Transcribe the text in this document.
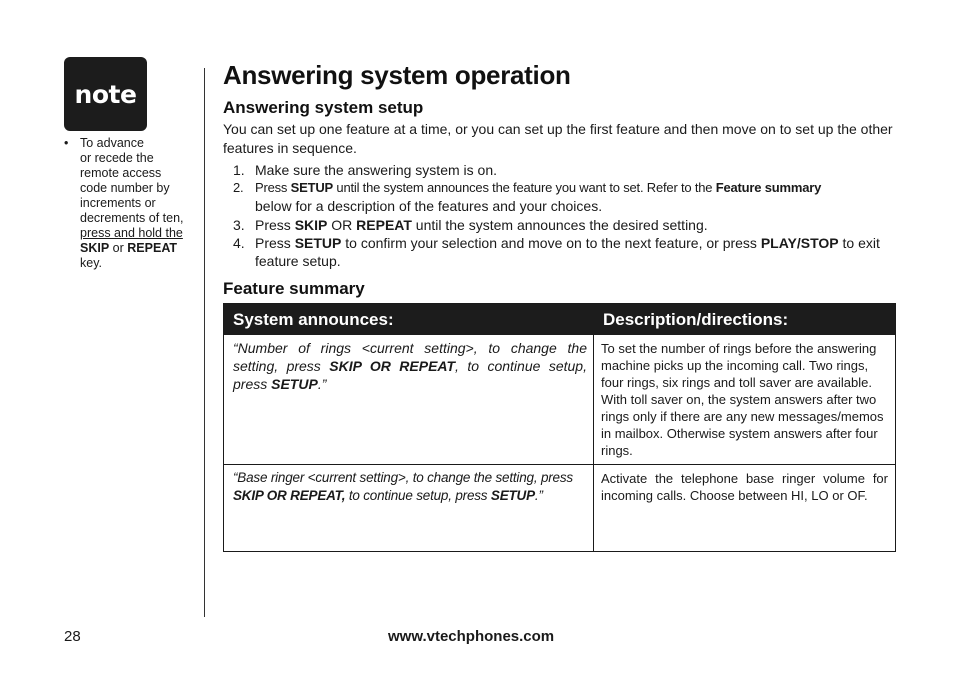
note
• To advance
or recede the
remote access
code number by
increments or
decrements of ten,
press and hold the
SKIP or REPEAT
key.
Answering system operation
Answering system setup

You can set up one feature at a time, or you can set up the first feature and then move on to set up the other features in sequence.

1. Make sure the answering system is on.
2. Press SETUP until the system announces the feature you want to set. Refer to the Feature summary
below for a description of the features and your choices.
3. Press SKIP OR REPEAT until the system announces the desired setting.
4. Press SETUP to confirm your selection and move on to the next feature, or press PLAY/STOP to exit feature setup.
Feature summary
System announces:	Description/directions:
“Number of rings <current setting>, to change the setting, press SKIP OR REPEAT, to continue setup, press SETUP.”
To set the number of rings before the answering machine picks up the incoming call. Two rings, four rings, six rings and toll saver are available. With toll saver on, the system answers after two rings only if there are any new messages/memos in mailbox. Otherwise system answers after four rings.
“Base ringer <current setting>, to change the setting, press SKIP OR REPEAT, to continue setup, press SETUP.”
Activate the telephone base ringer volume for incoming calls. Choose between HI, LO or OF.
28	www.vtechphones.com
